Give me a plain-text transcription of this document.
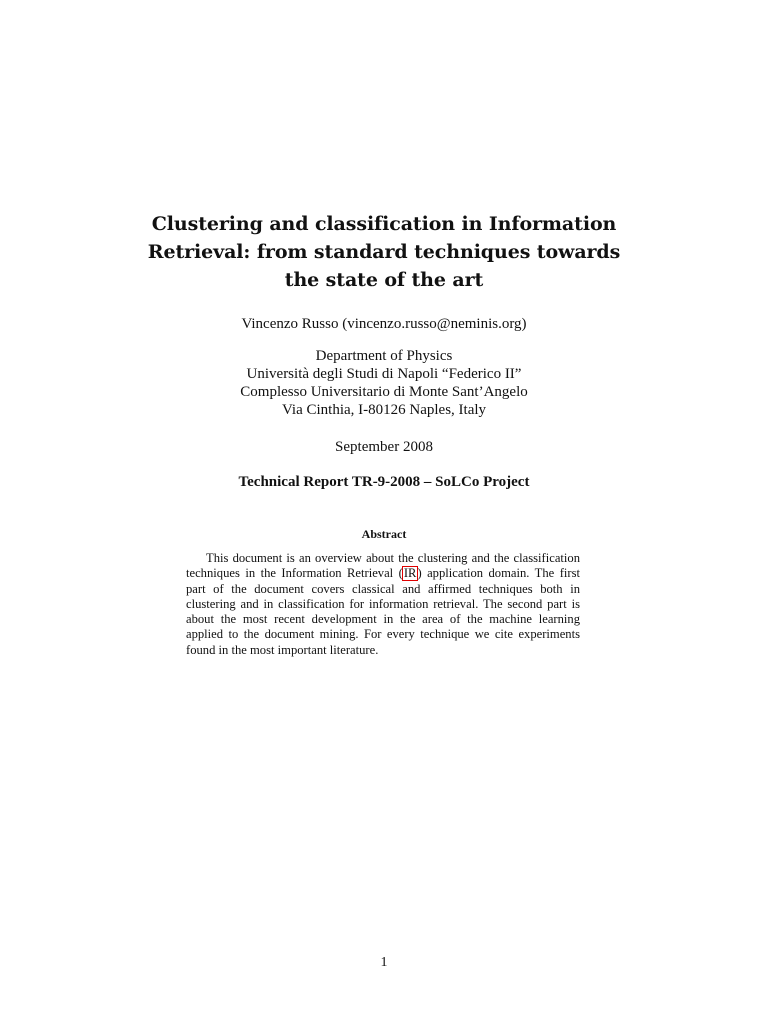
Clustering and classification in Information
Retrieval: from standard techniques towards
the state of the art
Vincenzo Russo (vincenzo.russo@neminis.org)
Department of Physics
Università degli Studi di Napoli “Federico II”
Complesso Universitario di Monte Sant’Angelo
Via Cinthia, I-80126 Naples, Italy
September 2008
Technical Report TR-9-2008 – SoLCo Project
Abstract
This document is an overview about the clustering and the classification techniques in the Information Retrieval (IR) application domain. The first part of the document covers classical and affirmed techniques both in clustering and in classification for information retrieval. The second part is about the most recent development in the area of the machine learning applied to the document mining. For every technique we cite experiments found in the most important literature.
1
